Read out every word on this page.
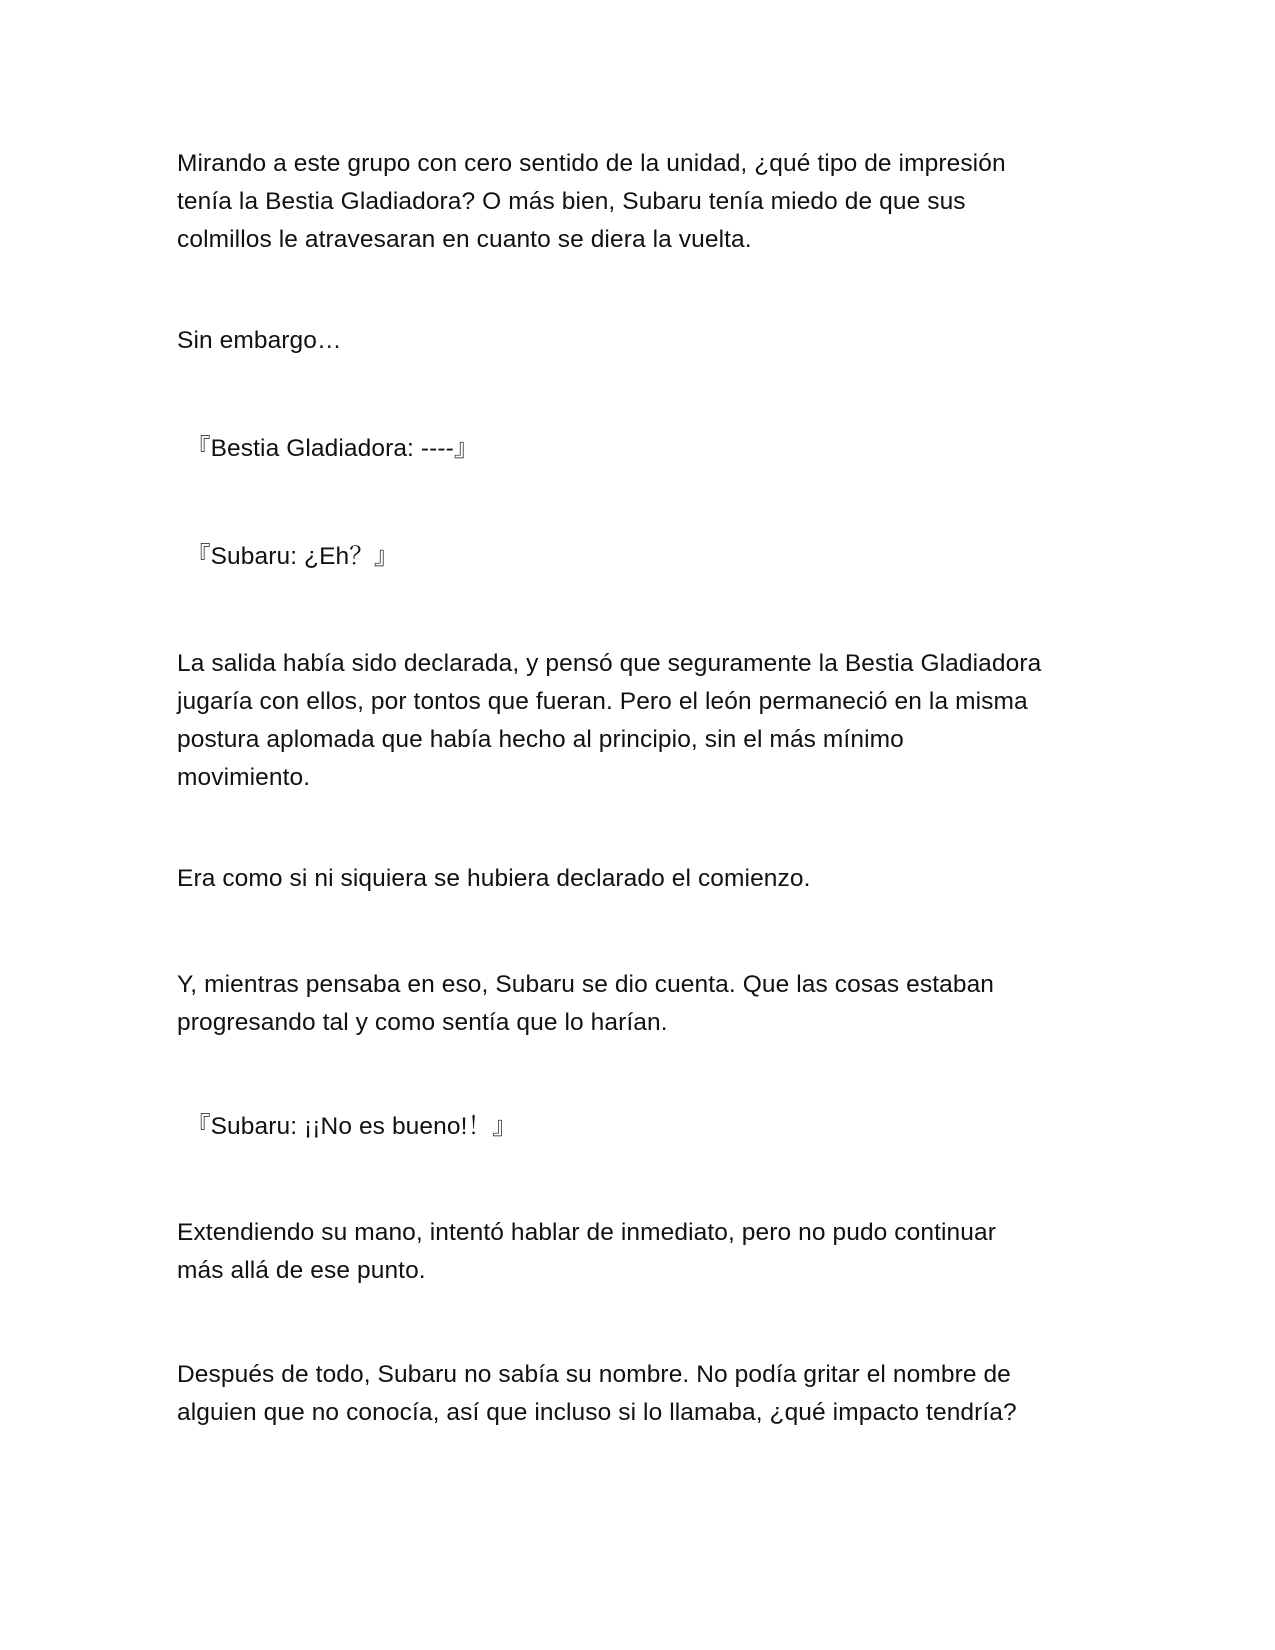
Mirando a este grupo con cero sentido de la unidad, ¿qué tipo de impresión
tenía la Bestia Gladiadora? O más bien, Subaru tenía miedo de que sus
colmillos le atravesaran en cuanto se diera la vuelta.

Sin embargo…

『Bestia Gladiadora: ----』

『Subaru: ¿Eh？』

La salida había sido declarada, y pensó que seguramente la Bestia Gladiadora
jugaría con ellos, por tontos que fueran. Pero el león permaneció en la misma
postura aplomada que había hecho al principio, sin el más mínimo
movimiento.

Era como si ni siquiera se hubiera declarado el comienzo.

Y, mientras pensaba en eso, Subaru se dio cuenta. Que las cosas estaban
progresando tal y como sentía que lo harían.

『Subaru: ¡¡No es bueno!！』

Extendiendo su mano, intentó hablar de inmediato, pero no pudo continuar
más allá de ese punto.

Después de todo, Subaru no sabía su nombre. No podía gritar el nombre de
alguien que no conocía, así que incluso si lo llamaba, ¿qué impacto tendría?
